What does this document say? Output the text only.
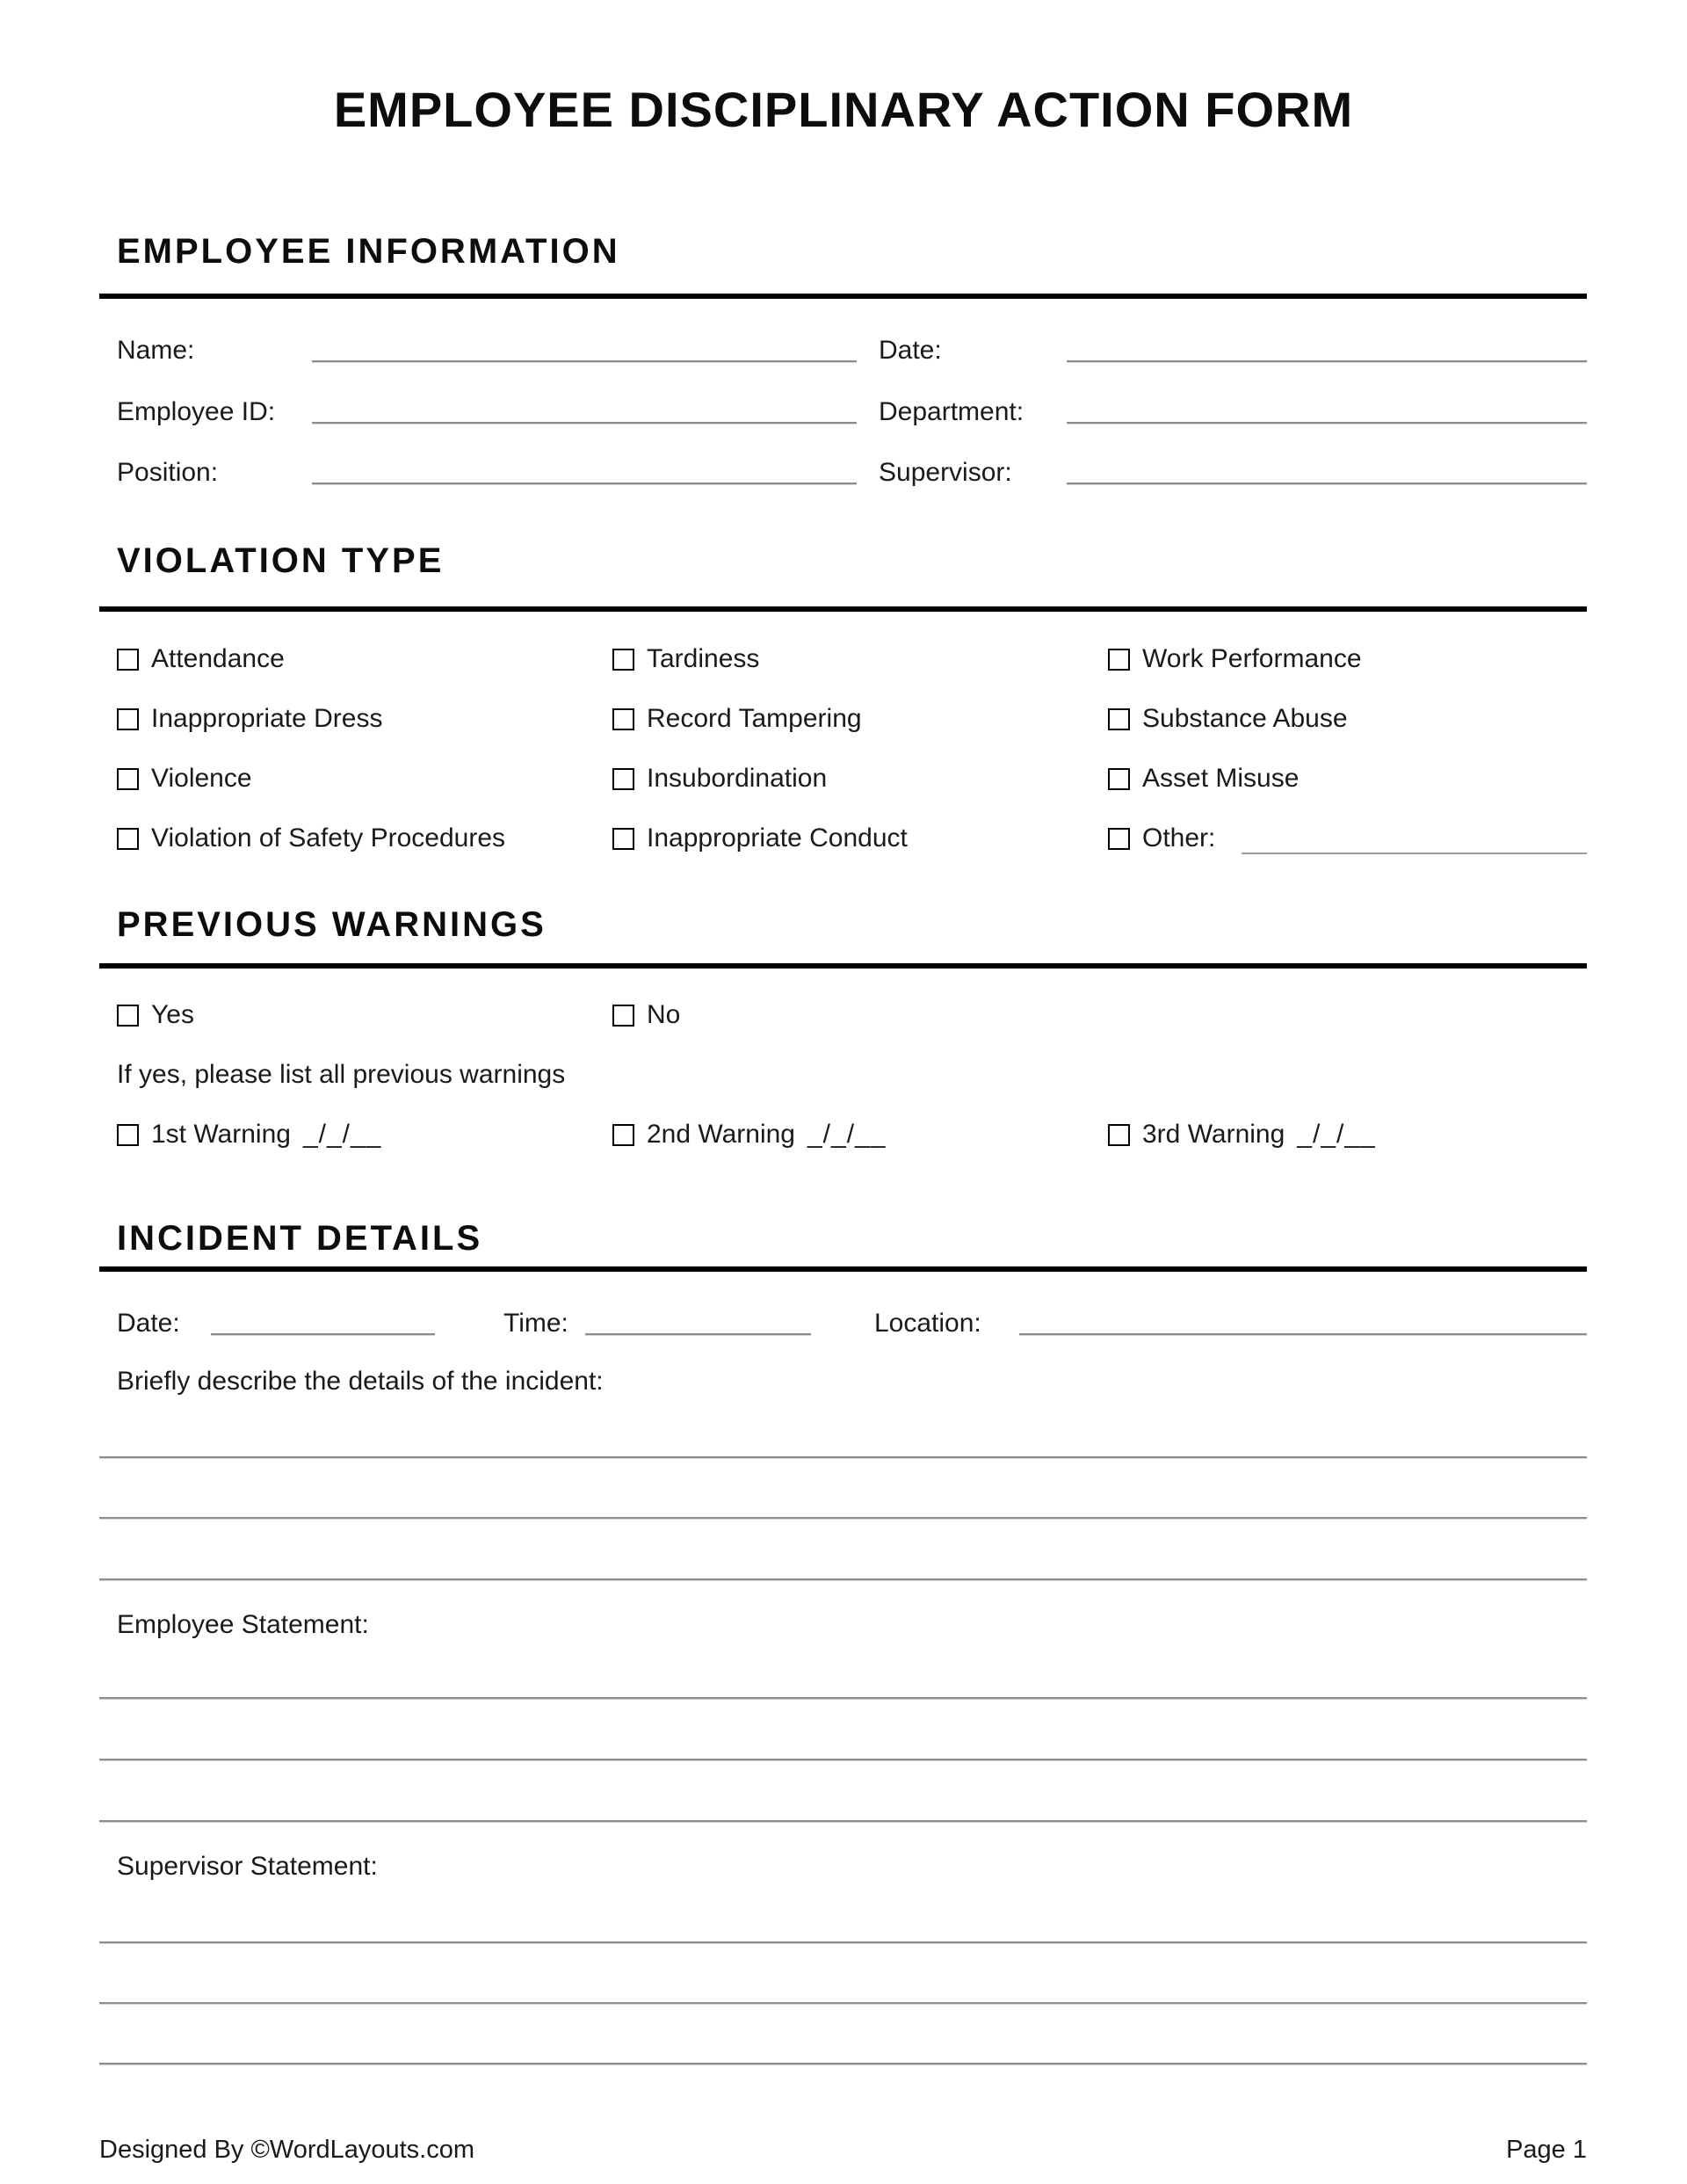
EMPLOYEE DISCIPLINARY ACTION FORM
EMPLOYEE INFORMATION
Name:	Date:
Employee ID:	Department:
Position:	Supervisor:
VIOLATION TYPE
Attendance	Tardiness	Work Performance
Inappropriate Dress	Record Tampering	Substance Abuse
Violence	Insubordination	Asset Misuse
Violation of Safety Procedures	Inappropriate Conduct	Other:
PREVIOUS WARNINGS
Yes	No
If yes, please list all previous warnings
1st Warning _/_/__	2nd Warning _/_/__	3rd Warning _/_/__
INCIDENT DETAILS
Date:	Time:	Location:
Briefly describe the details of the incident:
Employee Statement:
Supervisor Statement:
Designed By ©WordLayouts.com	Page 1
